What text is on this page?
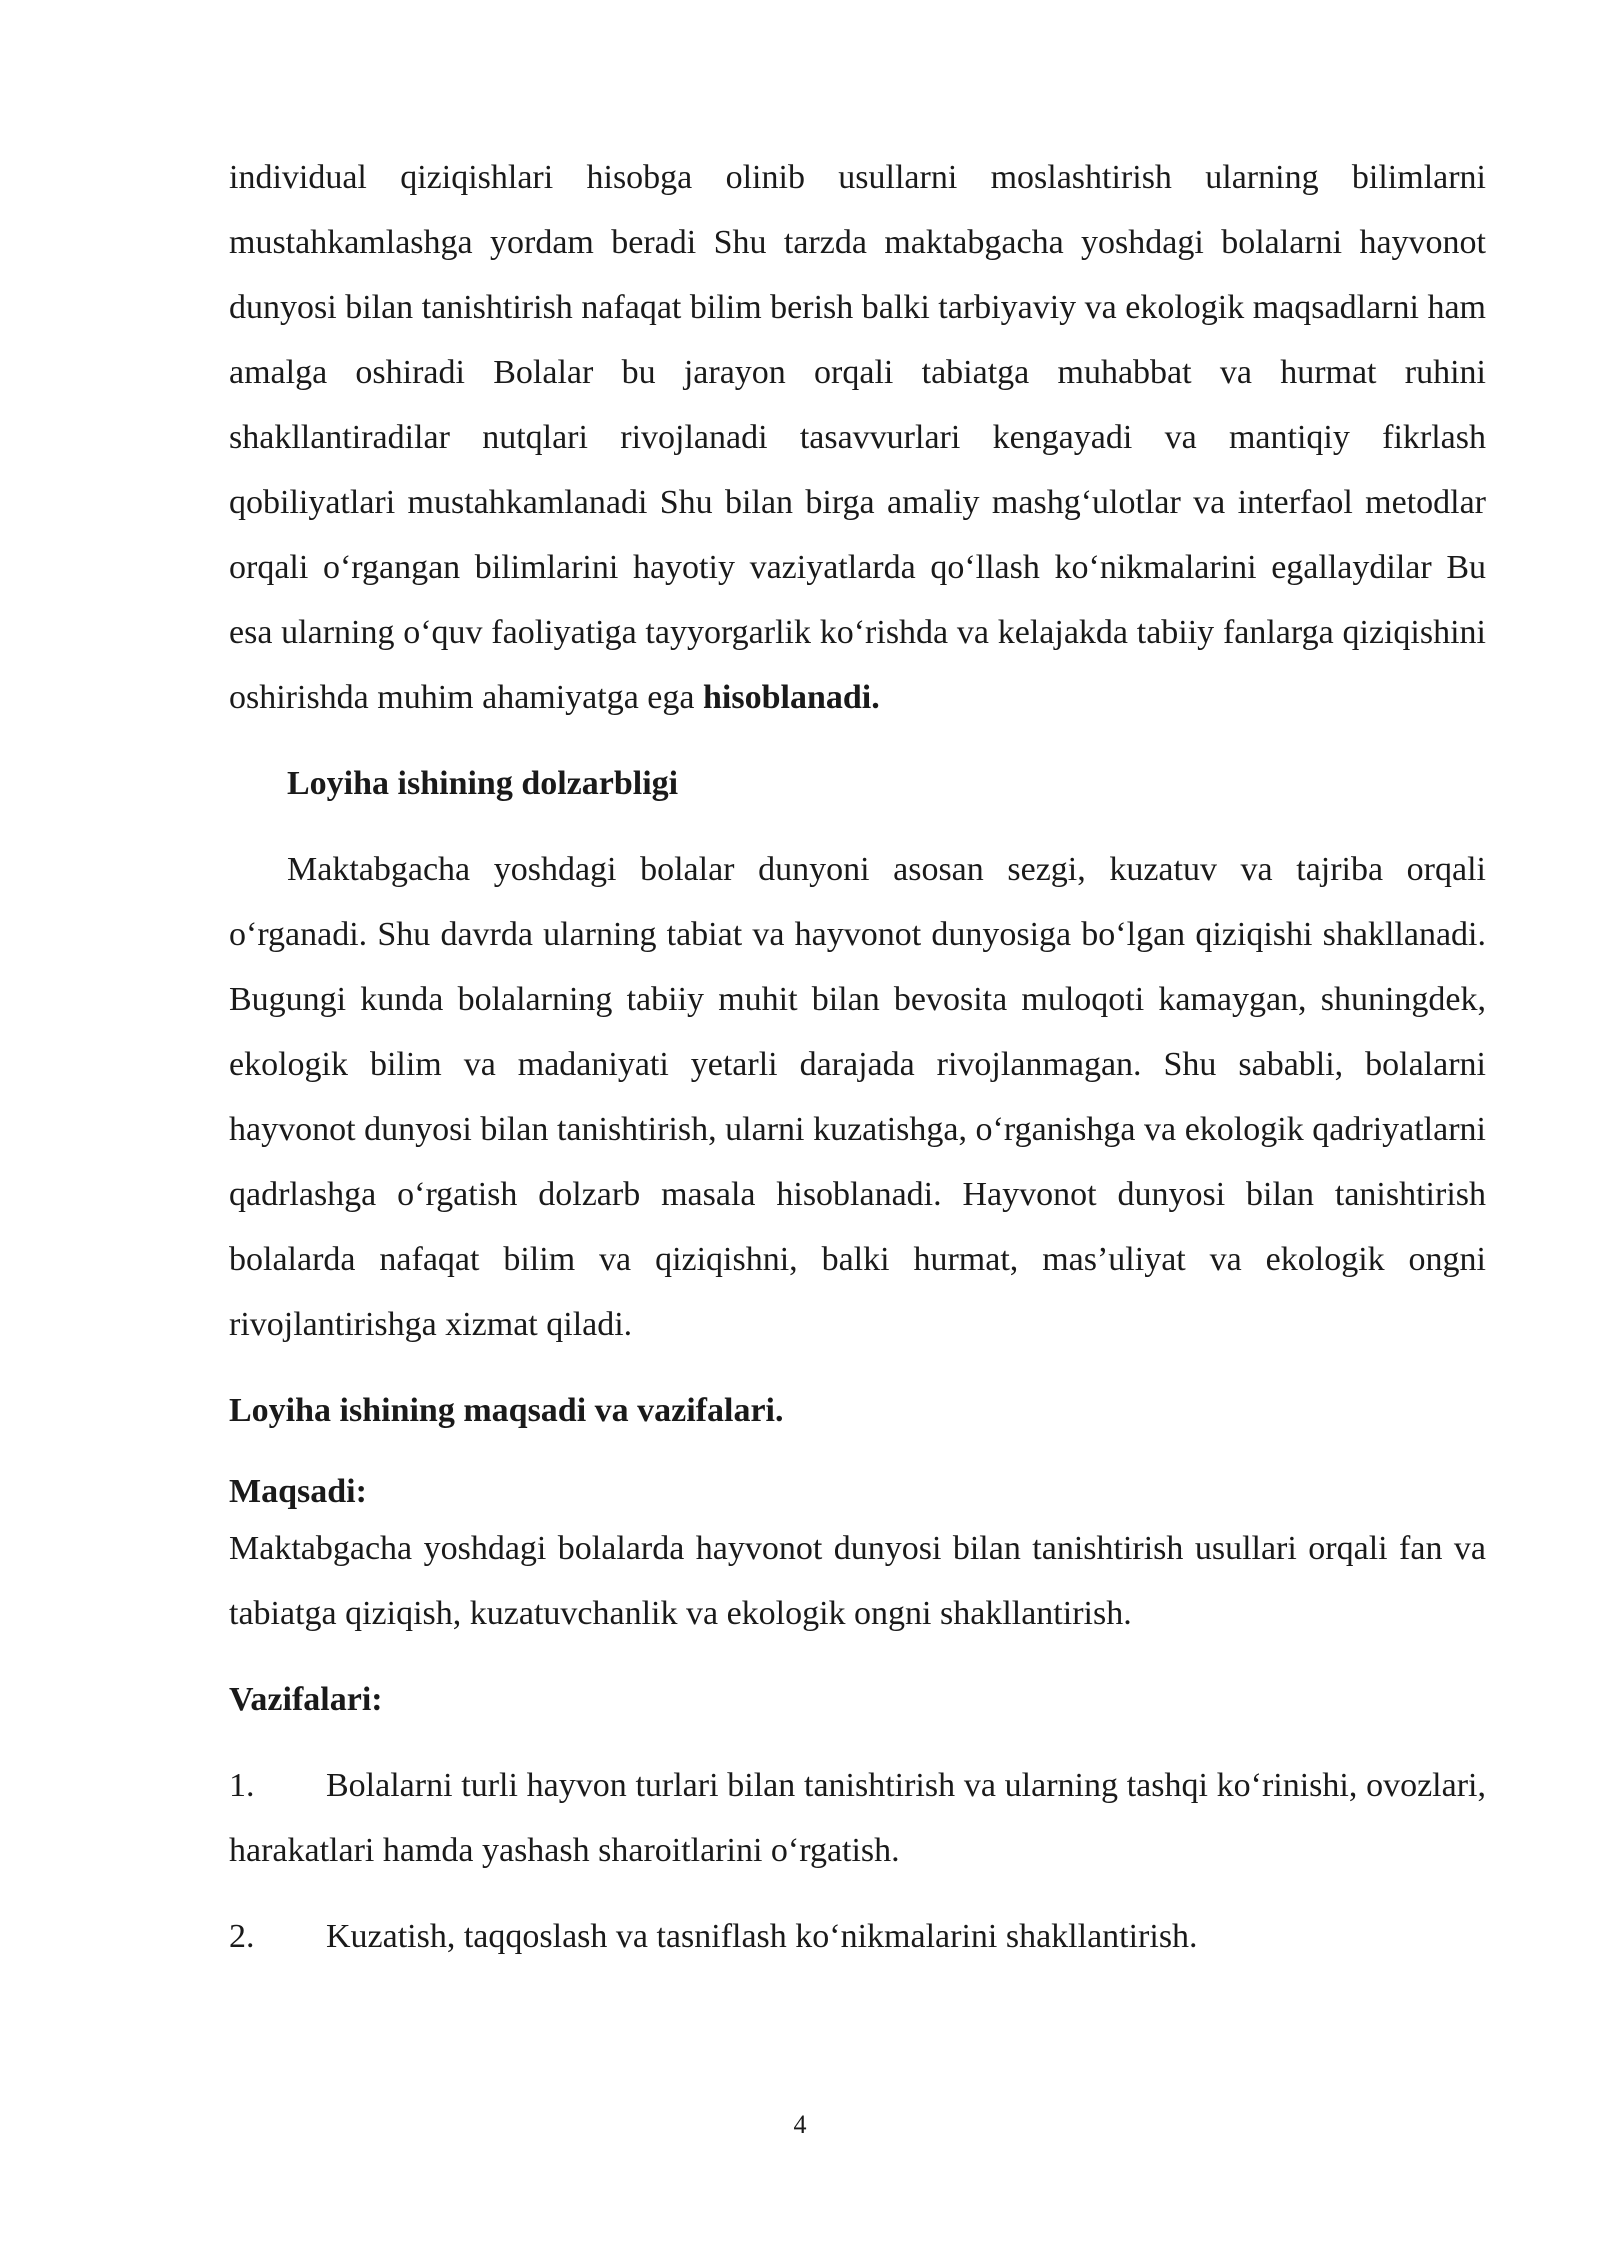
individual qiziqishlari hisobga olinib usullarni moslashtirish ularning bilimlarni mustahkamlashga yordam beradi Shu tarzda maktabgacha yoshdagi bolalarni hayvonot dunyosi bilan tanishtirish nafaqat bilim berish balki tarbiyaviy va ekologik maqsadlarni ham amalga oshiradi Bolalar bu jarayon orqali tabiatga muhabbat va hurmat ruhini shakllantiradilar nutqlari rivojlanadi tasavvurlari kengayadi va mantiqiy fikrlash qobiliyatlari mustahkamlanadi Shu bilan birga amaliy mashg‘ulotlar va interfaol metodlar orqali o‘rgangan bilimlarini hayotiy vaziyatlarda qo‘llash ko‘nikmalarini egallaydilar Bu esa ularning o‘quv faoliyatiga tayyorgarlik ko‘rishda va kelajakda tabiiy fanlarga qiziqishini oshirishda muhim ahamiyatga ega hisoblanadi.

Loyiha ishining dolzarbligi

Maktabgacha yoshdagi bolalar dunyoni asosan sezgi, kuzatuv va tajriba orqali o‘rganadi. Shu davrda ularning tabiat va hayvonot dunyosiga bo‘lgan qiziqishi shakllanadi. Bugungi kunda bolalarning tabiiy muhit bilan bevosita muloqoti kamaygan, shuningdek, ekologik bilim va madaniyati yetarli darajada rivojlanmagan. Shu sababli, bolalarni hayvonot dunyosi bilan tanishtirish, ularni kuzatishga, o‘rganishga va ekologik qadriyatlarni qadrlashga o‘rgatish dolzarb masala hisoblanadi. Hayvonot dunyosi bilan tanishtirish bolalarda nafaqat bilim va qiziqishni, balki hurmat, mas’uliyat va ekologik ongni rivojlantirishga xizmat qiladi.

Loyiha ishining maqsadi va vazifalari.
Maqsadi:

Maktabgacha yoshdagi bolalarda hayvonot dunyosi bilan tanishtirish usullari orqali fan va tabiatga qiziqish, kuzatuvchanlik va ekologik ongni shakllantirish.

Vazifalari:
1. Bolalarni turli hayvon turlari bilan tanishtirish va ularning tashqi ko‘rinishi, ovozlari, harakatlari hamda yashash sharoitlarini o‘rgatish.
2. Kuzatish, taqqoslash va tasniflash ko‘nikmalarini shakllantirish.
4
